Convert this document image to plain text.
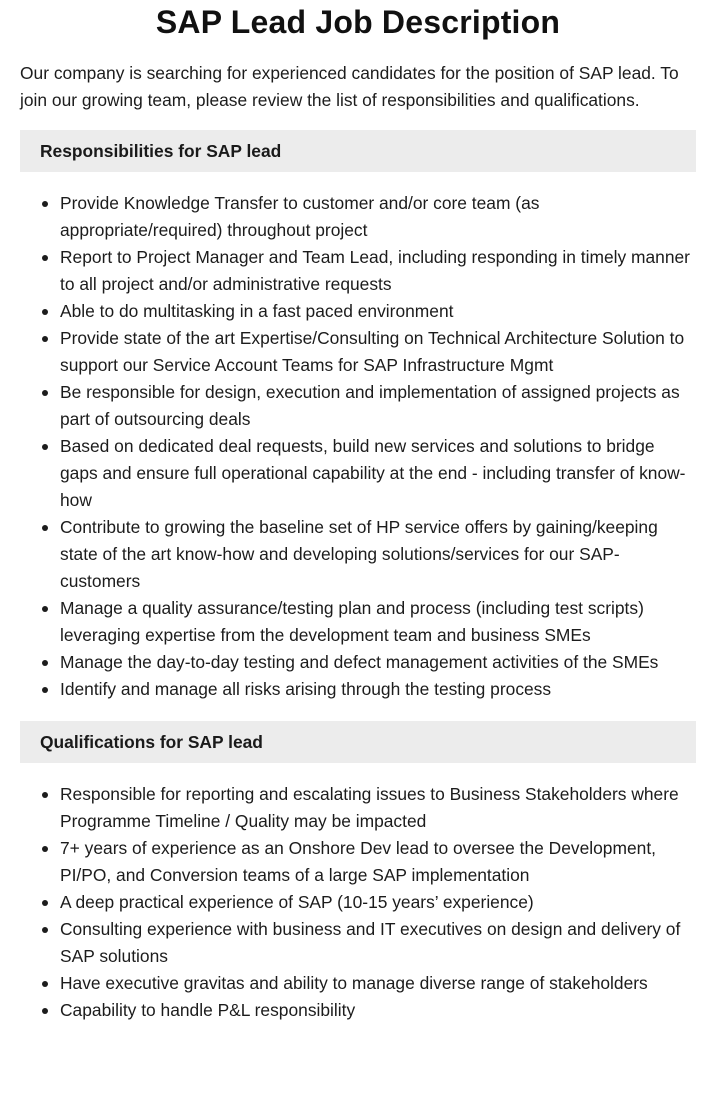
SAP Lead Job Description

Our company is searching for experienced candidates for the position of SAP lead. To join our growing team, please review the list of responsibilities and qualifications.

Responsibilities for SAP lead
Provide Knowledge Transfer to customer and/or core team (as appropriate/required) throughout project
Report to Project Manager and Team Lead, including responding in timely manner to all project and/or administrative requests
Able to do multitasking in a fast paced environment
Provide state of the art Expertise/Consulting on Technical Architecture Solution to support our Service Account Teams for SAP Infrastructure Mgmt
Be responsible for design, execution and implementation of assigned projects as part of outsourcing deals
Based on dedicated deal requests, build new services and solutions to bridge gaps and ensure full operational capability at the end - including transfer of know-how
Contribute to growing the baseline set of HP service offers by gaining/keeping state of the art know-how and developing solutions/services for our SAP-customers
Manage a quality assurance/testing plan and process (including test scripts) leveraging expertise from the development team and business SMEs
Manage the day-to-day testing and defect management activities of the SMEs
Identify and manage all risks arising through the testing process
Qualifications for SAP lead
Responsible for reporting and escalating issues to Business Stakeholders where Programme Timeline / Quality may be impacted
7+ years of experience as an Onshore Dev lead to oversee the Development, PI/PO, and Conversion teams of a large SAP implementation
A deep practical experience of SAP (10-15 years’ experience)
Consulting experience with business and IT executives on design and delivery of SAP solutions
Have executive gravitas and ability to manage diverse range of stakeholders
Capability to handle P&L responsibility
